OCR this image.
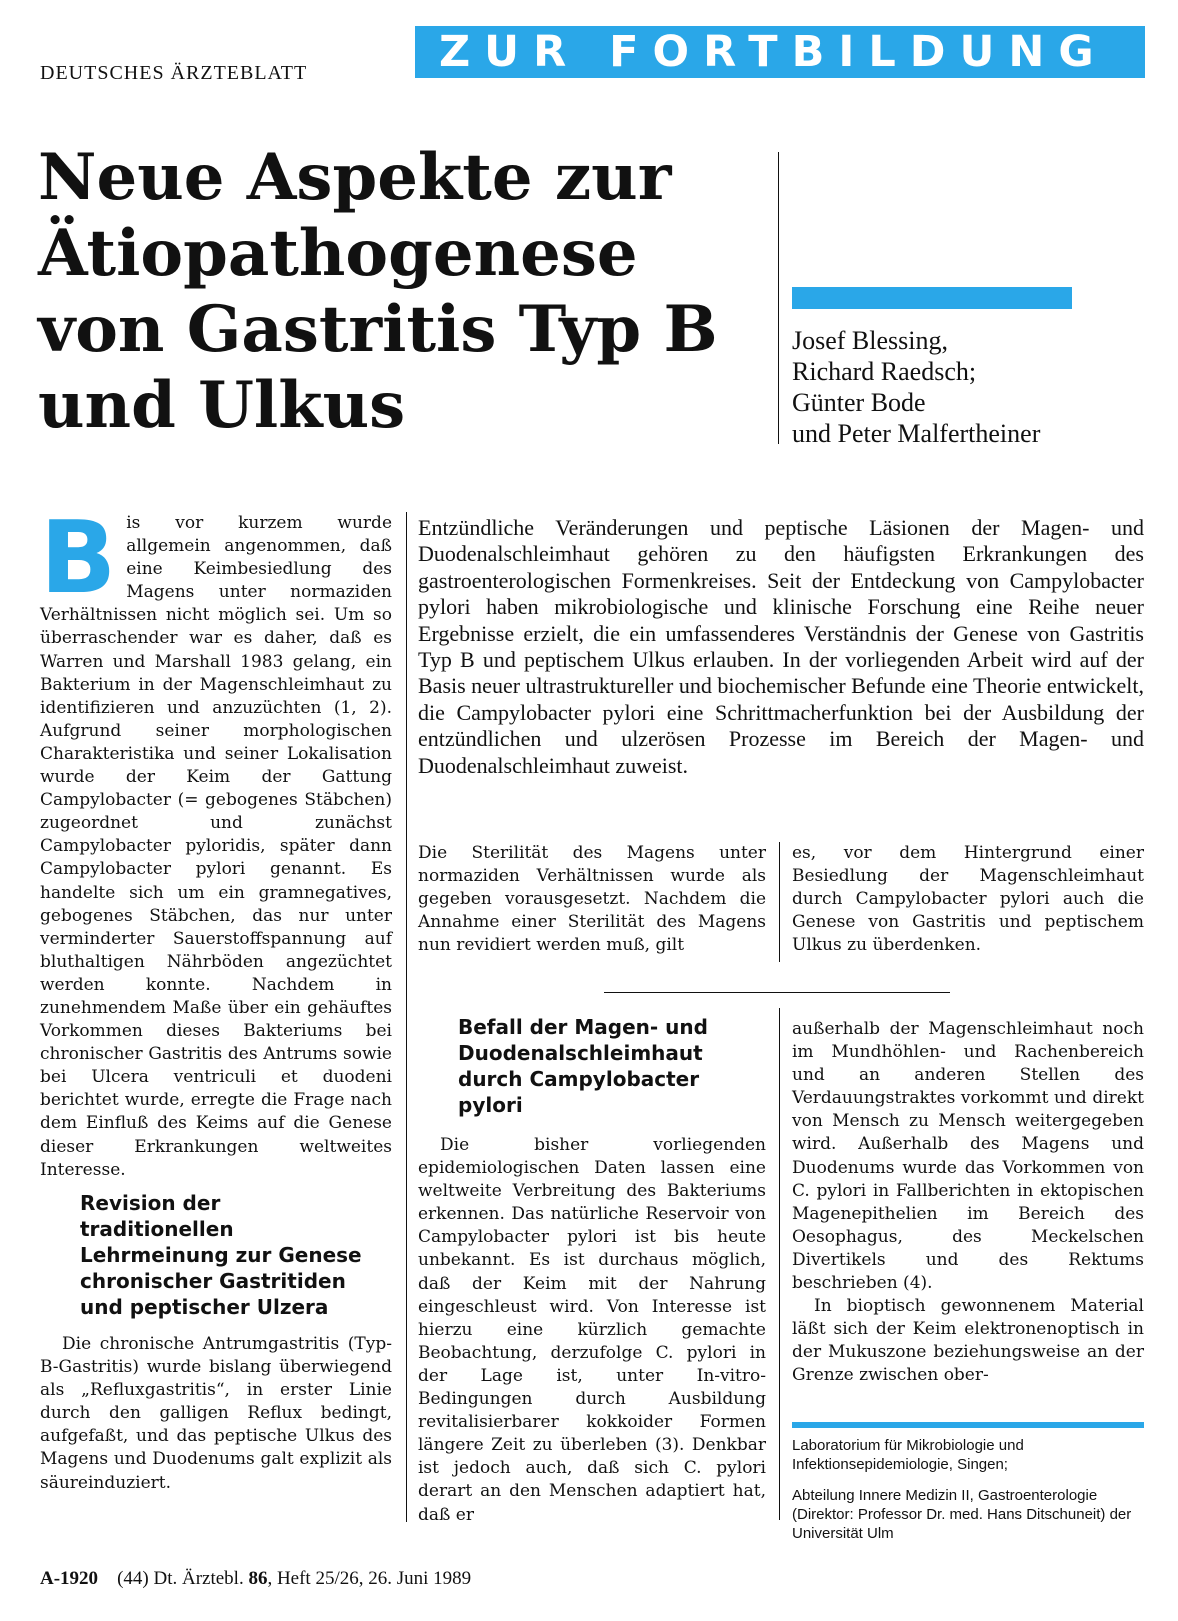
DEUTSCHES ÄRZTEBLATT	ZUR FORTBILDUNG
Neue Aspekte zur
Ätiopathogenese
von Gastritis Typ B
und Ulkus
Josef Blessing,
Richard Raedsch;
Günter Bode
und Peter Malfertheiner
B is vor kurzem wurde allgemein angenommen, daß eine Keimbesiedlung des Magens unter normaziden Verhältnissen nicht möglich sei. Um so überraschender war es daher, daß es Warren und Marshall 1983 gelang, ein Bakterium in der Magenschleimhaut zu identifizieren und anzuzüchten (1, 2). Aufgrund seiner morphologischen Charakteristika und seiner Lokalisation wurde der Keim der Gattung Campylobacter (= gebogenes Stäbchen) zugeordnet und zunächst Campylobacter pyloridis, später dann Campylobacter pylori genannt. Es handelte sich um ein gramnegatives, gebogenes Stäbchen, das nur unter verminderter Sauerstoffspannung auf bluthaltigen Nährböden angezüchtet werden konnte. Nachdem in zunehmendem Maße über ein gehäuftes Vorkommen dieses Bakteriums bei chronischer Gastritis des Antrums sowie bei Ulcera ventriculi et duodeni berichtet wurde, erregte die Frage nach dem Einfluß des Keims auf die Genese dieser Erkrankungen weltweites Interesse.

Revision der traditionellen Lehrmeinung zur Genese chronischer Gastritiden und peptischer Ulzera

Die chronische Antrumgastritis (Typ-B-Gastritis) wurde bislang überwiegend als „Refluxgastritis“, in erster Linie durch den galligen Reflux bedingt, aufgefaßt, und das peptische Ulkus des Magens und Duodenums galt explizit als säureinduziert.

Entzündliche Veränderungen und peptische Läsionen der Magen- und Duodenalschleimhaut gehören zu den häufigsten Erkrankungen des gastroenterologischen Formenkreises. Seit der Entdeckung von Campylobacter pylori haben mikrobiologische und klinische Forschung eine Reihe neuer Ergebnisse erzielt, die ein umfassenderes Verständnis der Genese von Gastritis Typ B und peptischem Ulkus erlauben. In der vorliegenden Arbeit wird auf der Basis neuer ultrastruktureller und biochemischer Befunde eine Theorie entwickelt, die Campylobacter pylori eine Schrittmacherfunktion bei der Ausbildung der entzündlichen und ulzerösen Prozesse im Bereich der Magen- und Duodenalschleimhaut zuweist.
Die Sterilität des Magens unter normaziden Verhältnissen wurde als gegeben vorausgesetzt. Nachdem die Annahme einer Sterilität des Magens nun revidiert werden muß, gilt
es, vor dem Hintergrund einer Besiedlung der Magenschleimhaut durch Campylobacter pylori auch die Genese von Gastritis und peptischem Ulkus zu überdenken.
Befall der Magen- und Duodenalschleimhaut durch Campylobacter pylori

Die bisher vorliegenden epidemiologischen Daten lassen eine weltweite Verbreitung des Bakteriums erkennen. Das natürliche Reservoir von Campylobacter pylori ist bis heute unbekannt. Es ist durchaus möglich, daß der Keim mit der Nahrung eingeschleust wird. Von Interesse ist hierzu eine kürzlich gemachte Beobachtung, derzufolge C. pylori in der Lage ist, unter In-vitro-Bedingungen durch Ausbildung revitalisierbarer kokkoider Formen längere Zeit zu überleben (3). Denkbar ist jedoch auch, daß sich C. pylori derart an den Menschen adaptiert hat, daß er

außerhalb der Magenschleimhaut noch im Mundhöhlen- und Rachenbereich und an anderen Stellen des Verdauungstraktes vorkommt und direkt von Mensch zu Mensch weitergegeben wird. Außerhalb des Magens und Duodenums wurde das Vorkommen von C. pylori in Fallberichten in ektopischen Magenepithelien im Bereich des Oesophagus, des Meckelschen Divertikels und des Rektums beschrieben (4).

In bioptisch gewonnenem Material läßt sich der Keim elektronenoptisch in der Mukuszone beziehungsweise an der Grenze zwischen ober-

Laboratorium für Mikrobiologie und Infektionsepidemiologie, Singen;
Abteilung Innere Medizin II, Gastroenterologie (Direktor: Professor Dr. med. Hans Ditschuneit) der Universität Ulm
A-1920 (44) Dt. Ärztebl. 86, Heft 25/26, 26. Juni 1989
